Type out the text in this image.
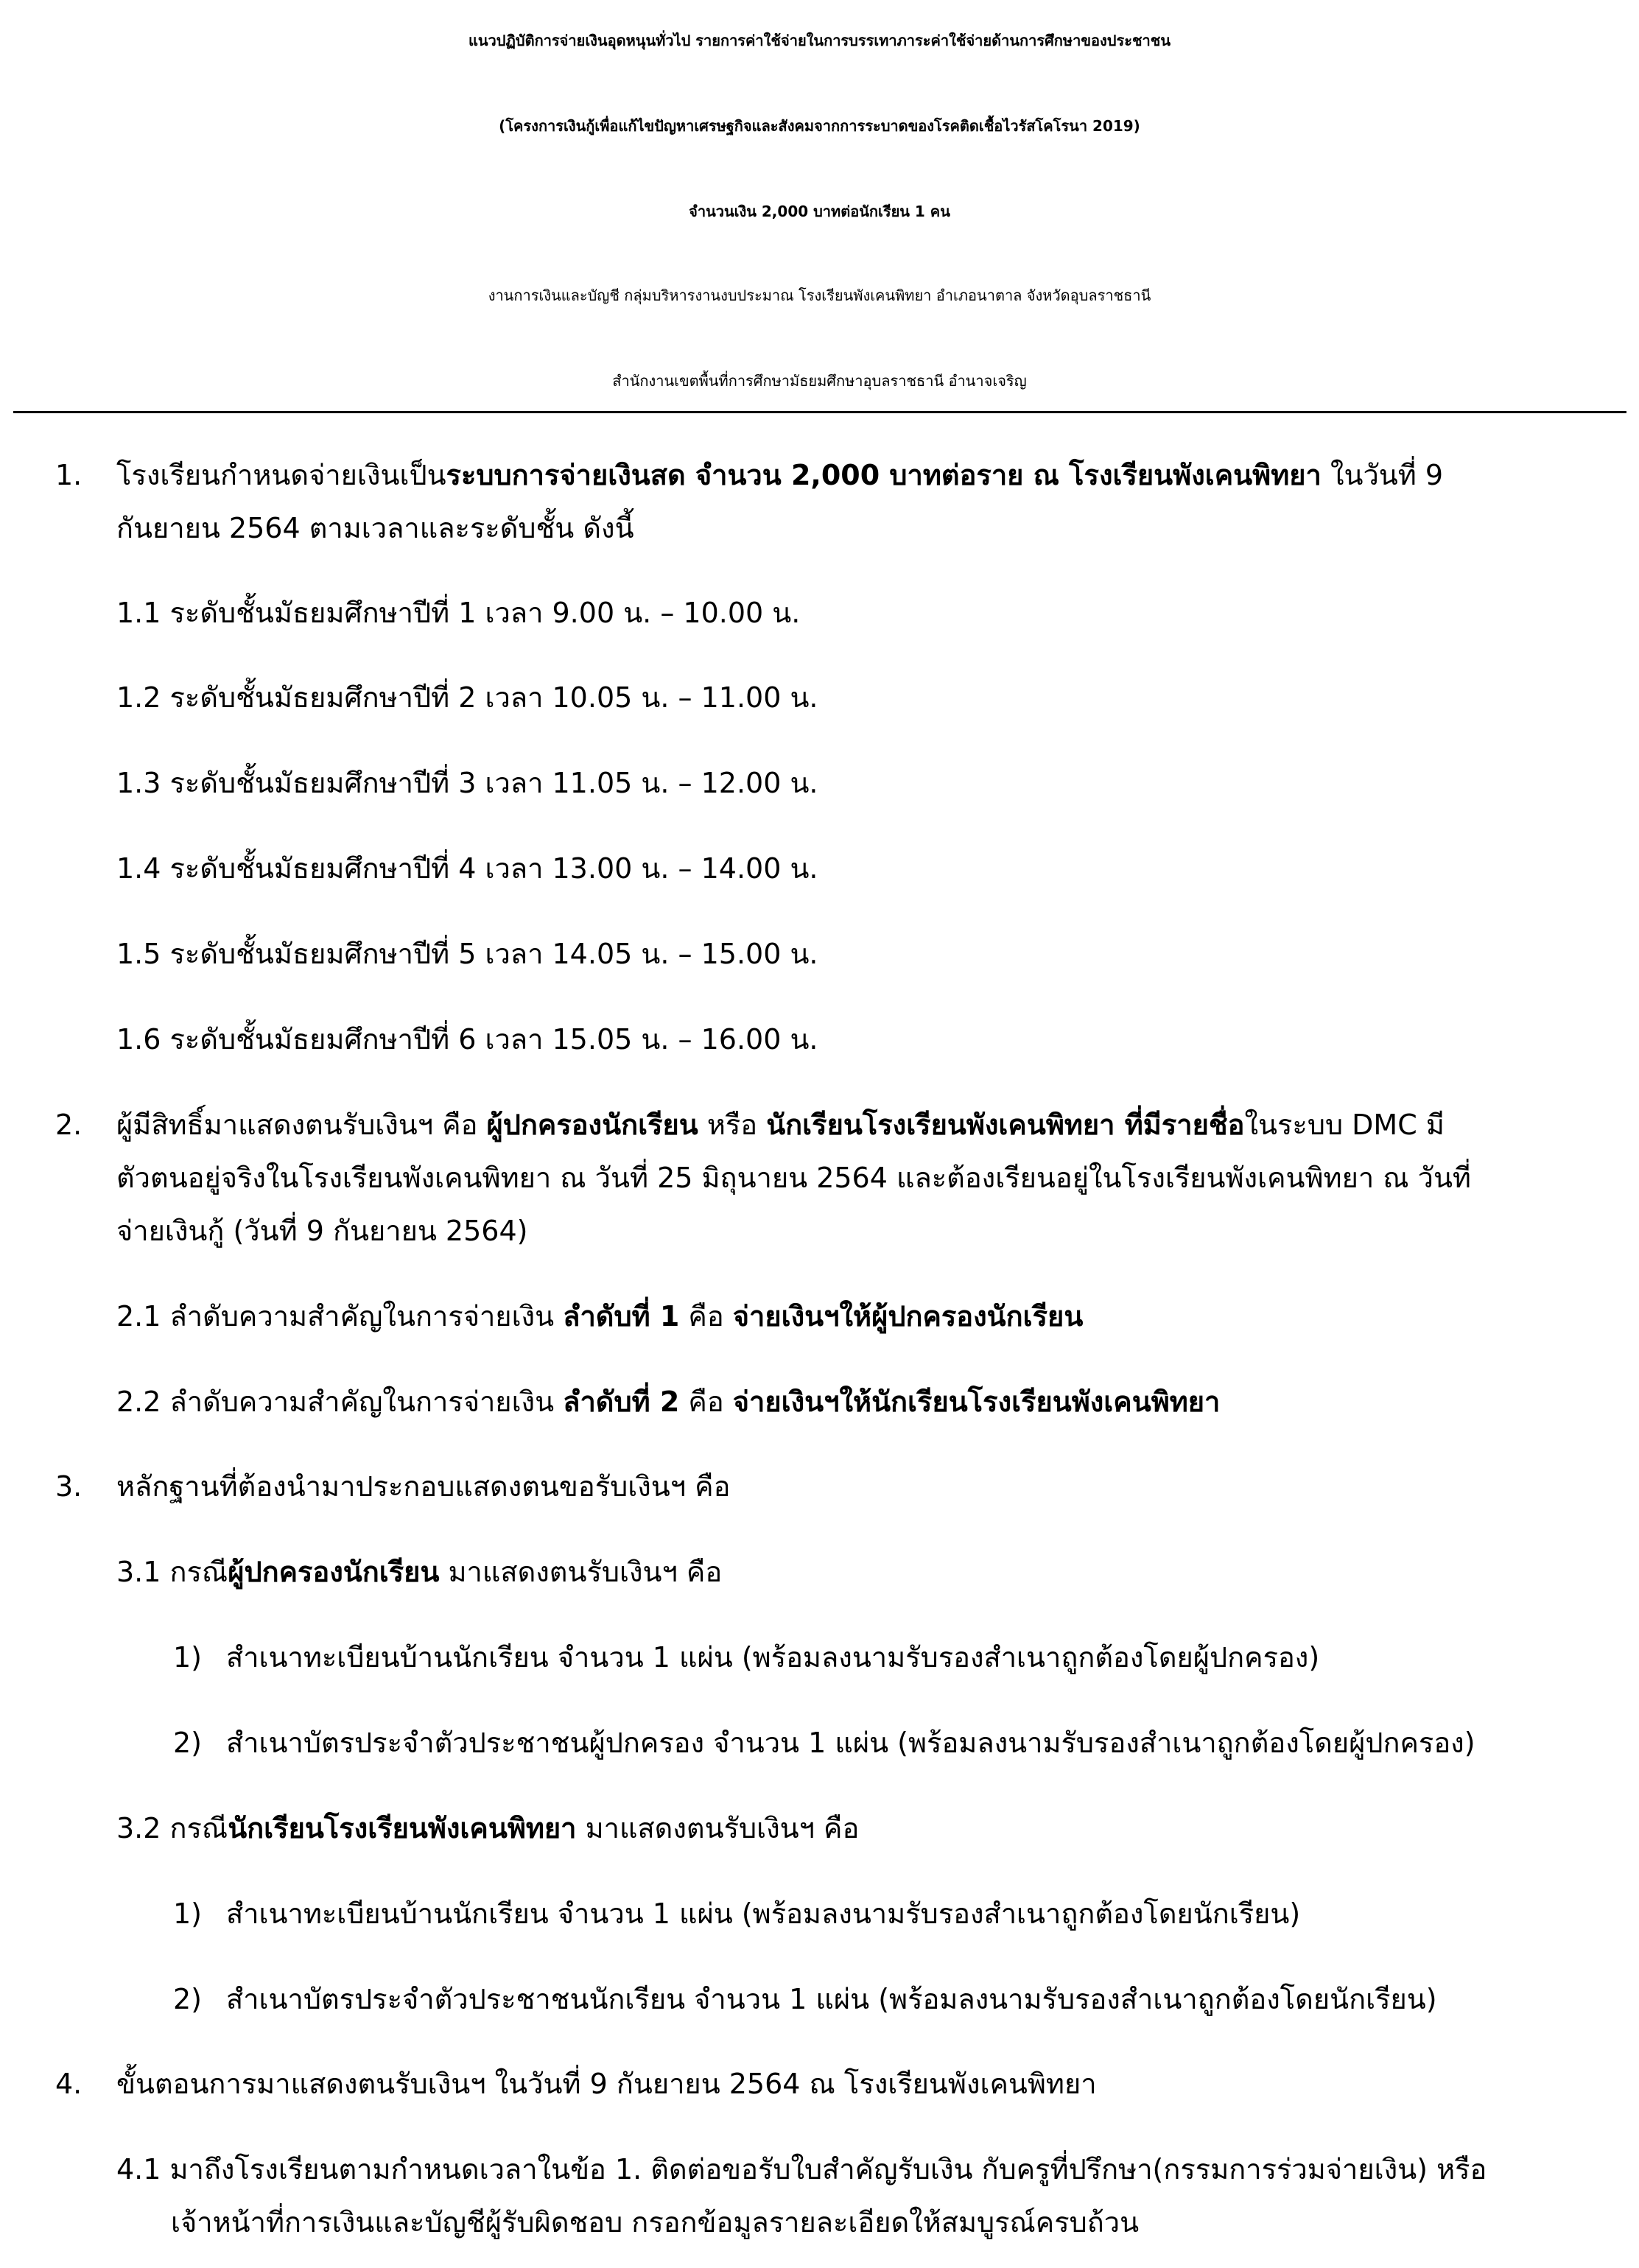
แนวปฏิบัติการจ่ายเงินอุดหนุนทั่วไป รายการค่าใช้จ่ายในการบรรเทาภาระค่าใช้จ่ายด้านการศึกษาของประชาชน
(โครงการเงินกู้เพื่อแก้ไขปัญหาเศรษฐกิจและสังคมจากการระบาดของโรคติดเชื้อไวรัสโคโรนา 2019)
จำนวนเงิน 2,000 บาทต่อนักเรียน 1 คน
งานการเงินและบัญชี กลุ่มบริหารงานงบประมาณ โรงเรียนพังเคนพิทยา อำเภอนาตาล จังหวัดอุบลราชธานี
สำนักงานเขตพื้นที่การศึกษามัธยมศึกษาอุบลราชธานี อำนาจเจริญ
1. โรงเรียนกำหนดจ่ายเงินเป็นระบบการจ่ายเงินสด จำนวน 2,000 บาทต่อราย ณ โรงเรียนพังเคนพิทยา ในวันที่ 9
กันยายน 2564 ตามเวลาและระดับชั้น ดังนี้
1.1 ระดับชั้นมัธยมศึกษาปีที่ 1 เวลา 9.00 น. – 10.00 น.
1.2 ระดับชั้นมัธยมศึกษาปีที่ 2 เวลา 10.05 น. – 11.00 น.
1.3 ระดับชั้นมัธยมศึกษาปีที่ 3 เวลา 11.05 น. – 12.00 น.
1.4 ระดับชั้นมัธยมศึกษาปีที่ 4 เวลา 13.00 น. – 14.00 น.
1.5 ระดับชั้นมัธยมศึกษาปีที่ 5 เวลา 14.05 น. – 15.00 น.
1.6 ระดับชั้นมัธยมศึกษาปีที่ 6 เวลา 15.05 น. – 16.00 น.
2. ผู้มีสิทธิ์มาแสดงตนรับเงินฯ คือ ผู้ปกครองนักเรียน หรือ นักเรียนโรงเรียนพังเคนพิทยา ที่มีรายชื่อในระบบ DMC มี
ตัวตนอยู่จริงในโรงเรียนพังเคนพิทยา ณ วันที่ 25 มิถุนายน 2564 และต้องเรียนอยู่ในโรงเรียนพังเคนพิทยา ณ วันที่
จ่ายเงินกู้ (วันที่ 9 กันยายน 2564)
2.1 ลำดับความสำคัญในการจ่ายเงิน ลำดับที่ 1 คือ จ่ายเงินฯให้ผู้ปกครองนักเรียน
2.2 ลำดับความสำคัญในการจ่ายเงิน ลำดับที่ 2 คือ จ่ายเงินฯให้นักเรียนโรงเรียนพังเคนพิทยา
3. หลักฐานที่ต้องนำมาประกอบแสดงตนขอรับเงินฯ คือ
3.1 กรณีผู้ปกครองนักเรียน มาแสดงตนรับเงินฯ คือ
1) สำเนาทะเบียนบ้านนักเรียน จำนวน 1 แผ่น (พร้อมลงนามรับรองสำเนาถูกต้องโดยผู้ปกครอง)
2) สำเนาบัตรประจำตัวประชาชนผู้ปกครอง จำนวน 1 แผ่น (พร้อมลงนามรับรองสำเนาถูกต้องโดยผู้ปกครอง)
3.2 กรณีนักเรียนโรงเรียนพังเคนพิทยา มาแสดงตนรับเงินฯ คือ
1) สำเนาทะเบียนบ้านนักเรียน จำนวน 1 แผ่น (พร้อมลงนามรับรองสำเนาถูกต้องโดยนักเรียน)
2) สำเนาบัตรประจำตัวประชาชนนักเรียน จำนวน 1 แผ่น (พร้อมลงนามรับรองสำเนาถูกต้องโดยนักเรียน)
4. ขั้นตอนการมาแสดงตนรับเงินฯ ในวันที่ 9 กันยายน 2564 ณ โรงเรียนพังเคนพิทยา
4.1 มาถึงโรงเรียนตามกำหนดเวลาในข้อ 1. ติดต่อขอรับใบสำคัญรับเงิน กับครูที่ปรึกษา(กรรมการร่วมจ่ายเงิน) หรือ
เจ้าหน้าที่การเงินและบัญชีผู้รับผิดชอบ กรอกข้อมูลรายละเอียดให้สมบูรณ์ครบถ้วน
